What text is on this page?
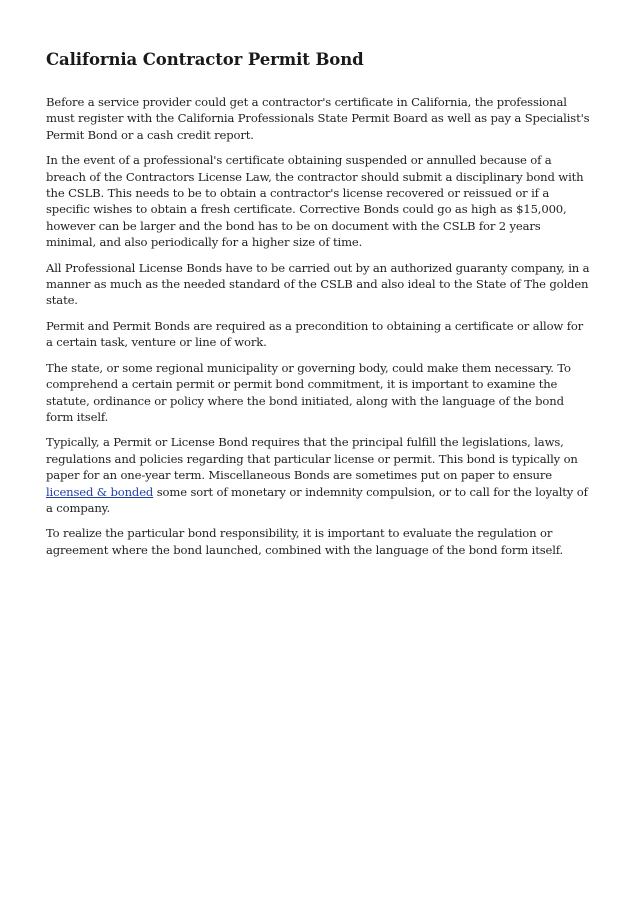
California Contractor Permit Bond

Before a service provider could get a contractor's certificate in California, the professional must register with the California Professionals State Permit Board as well as pay a Specialist's Permit Bond or a cash credit report.

In the event of a professional's certificate obtaining suspended or annulled because of a breach of the Contractors License Law, the contractor should submit a disciplinary bond with the CSLB. This needs to be to obtain a contractor's license recovered or reissued or if a specific wishes to obtain a fresh certificate. Corrective Bonds could go as high as $15,000, however can be larger and the bond has to be on document with the CSLB for 2 years minimal, and also periodically for a higher size of time.

All Professional License Bonds have to be carried out by an authorized guaranty company, in a manner as much as the needed standard of the CSLB and also ideal to the State of The golden state.

Permit and Permit Bonds are required as a precondition to obtaining a certificate or allow for a certain task, venture or line of work.

The state, or some regional municipality or governing body, could make them necessary. To comprehend a certain permit or permit bond commitment, it is important to examine the statute, ordinance or policy where the bond initiated, along with the language of the bond form itself.

Typically, a Permit or License Bond requires that the principal fulfill the legislations, laws, regulations and policies regarding that particular license or permit. This bond is typically on paper for an one-year term. Miscellaneous Bonds are sometimes put on paper to ensure licensed & bonded some sort of monetary or indemnity compulsion, or to call for the loyalty of a company.

To realize the particular bond responsibility, it is important to evaluate the regulation or agreement where the bond launched, combined with the language of the bond form itself.
